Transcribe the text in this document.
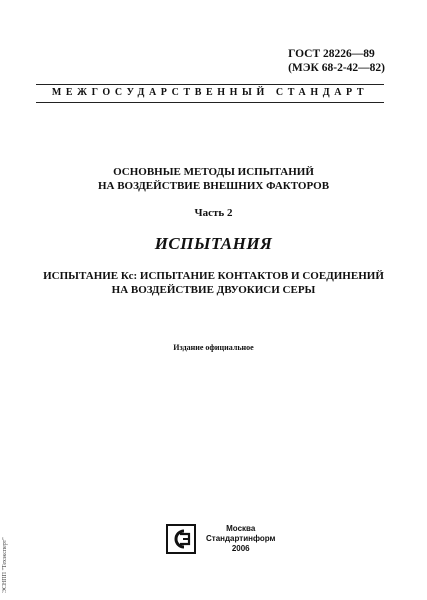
ГОСТ 28226—89
(МЭК 68-2-42—82)
МЕЖГОСУДАРСТВЕННЫЙ СТАНДАРТ
ОСНОВНЫЕ МЕТОДЫ ИСПЫТАНИЙ
НА ВОЗДЕЙСТВИЕ ВНЕШНИХ ФАКТОРОВ
Часть 2
ИСПЫТАНИЯ
ИСПЫТАНИЕ Кс: ИСПЫТАНИЕ КОНТАКТОВ И СОЕДИНЕНИЙ
НА ВОЗДЕЙСТВИЕ ДВУОКИСИ СЕРЫ
Издание официальное
Москва
Стандартинформ
2006
ЭСНПП "Техэксперт"
